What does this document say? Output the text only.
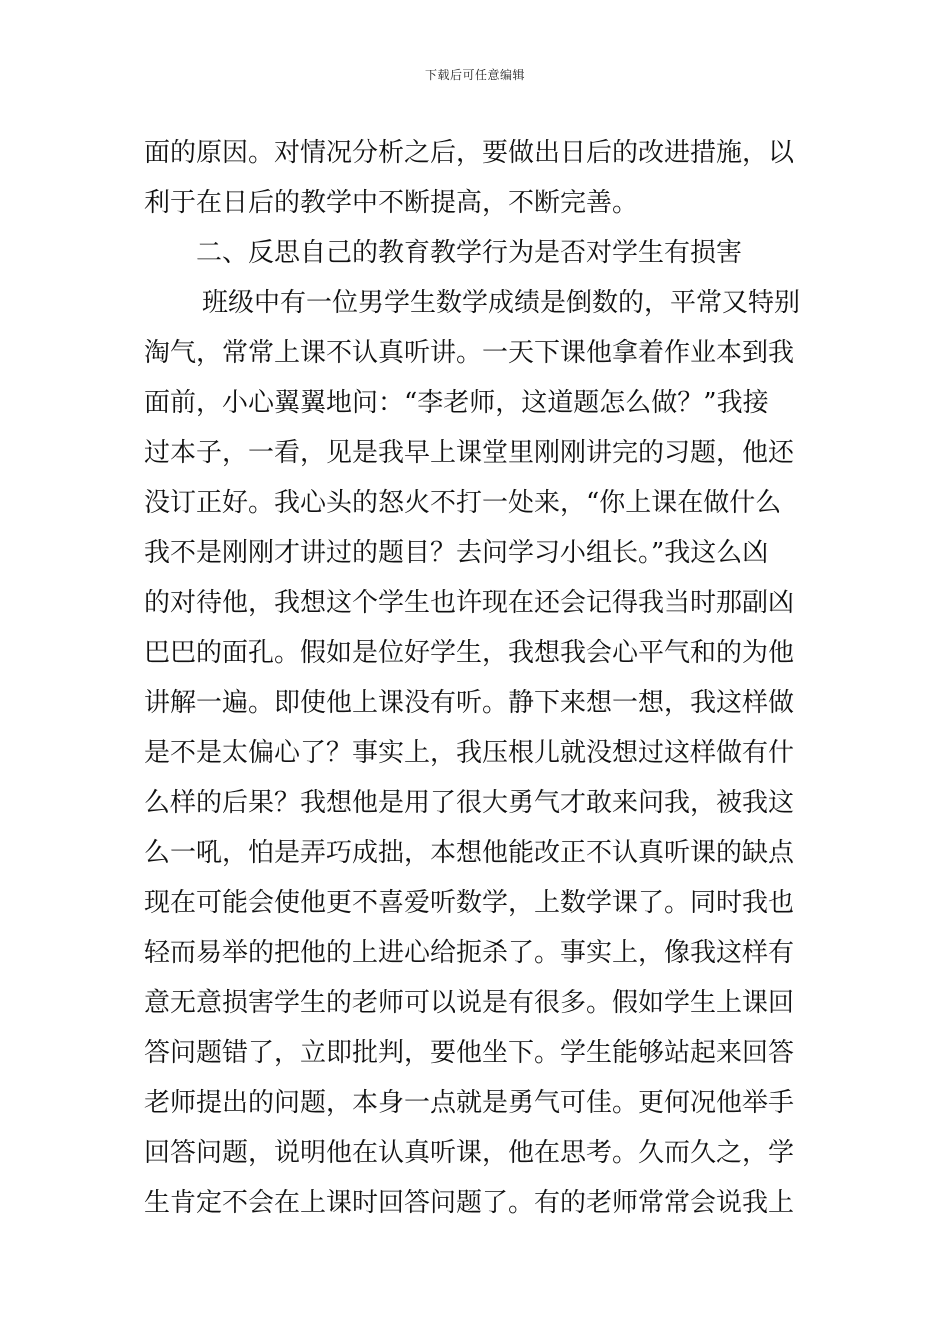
下载后可任意编辑
面的原因。对情况分析之后，要做出日后的改进措施，以
利于在日后的教学中不断提高，不断完善。
二、反思自己的教育教学行为是否对学生有损害
班级中有一位男学生数学成绩是倒数的，平常又特别
淘气，常常上课不认真听讲。一天下课他拿着作业本到我
面前，小心翼翼地问：“李老师，这道题怎么做？”我接
过本子，一看，见是我早上课堂里刚刚讲完的习题，他还
没订正好。我心头的怒火不打一处来，“你上课在做什么
我不是刚刚才讲过的题目？去问学习小组长。”我这么凶
的对待他，我想这个学生也许现在还会记得我当时那副凶
巴巴的面孔。假如是位好学生，我想我会心平气和的为他
讲解一遍。即使他上课没有听。静下来想一想，我这样做
是不是太偏心了？事实上，我压根儿就没想过这样做有什
么样的后果？我想他是用了很大勇气才敢来问我，被我这
么一吼，怕是弄巧成拙，本想他能改正不认真听课的缺点
现在可能会使他更不喜爱听数学，上数学课了。同时我也
轻而易举的把他的上进心给扼杀了。事实上，像我这样有
意无意损害学生的老师可以说是有很多。假如学生上课回
答问题错了，立即批判，要他坐下。学生能够站起来回答
老师提出的问题，本身一点就是勇气可佳。更何况他举手
回答问题，说明他在认真听课，他在思考。久而久之，学
生肯定不会在上课时回答问题了。有的老师常常会说我上
